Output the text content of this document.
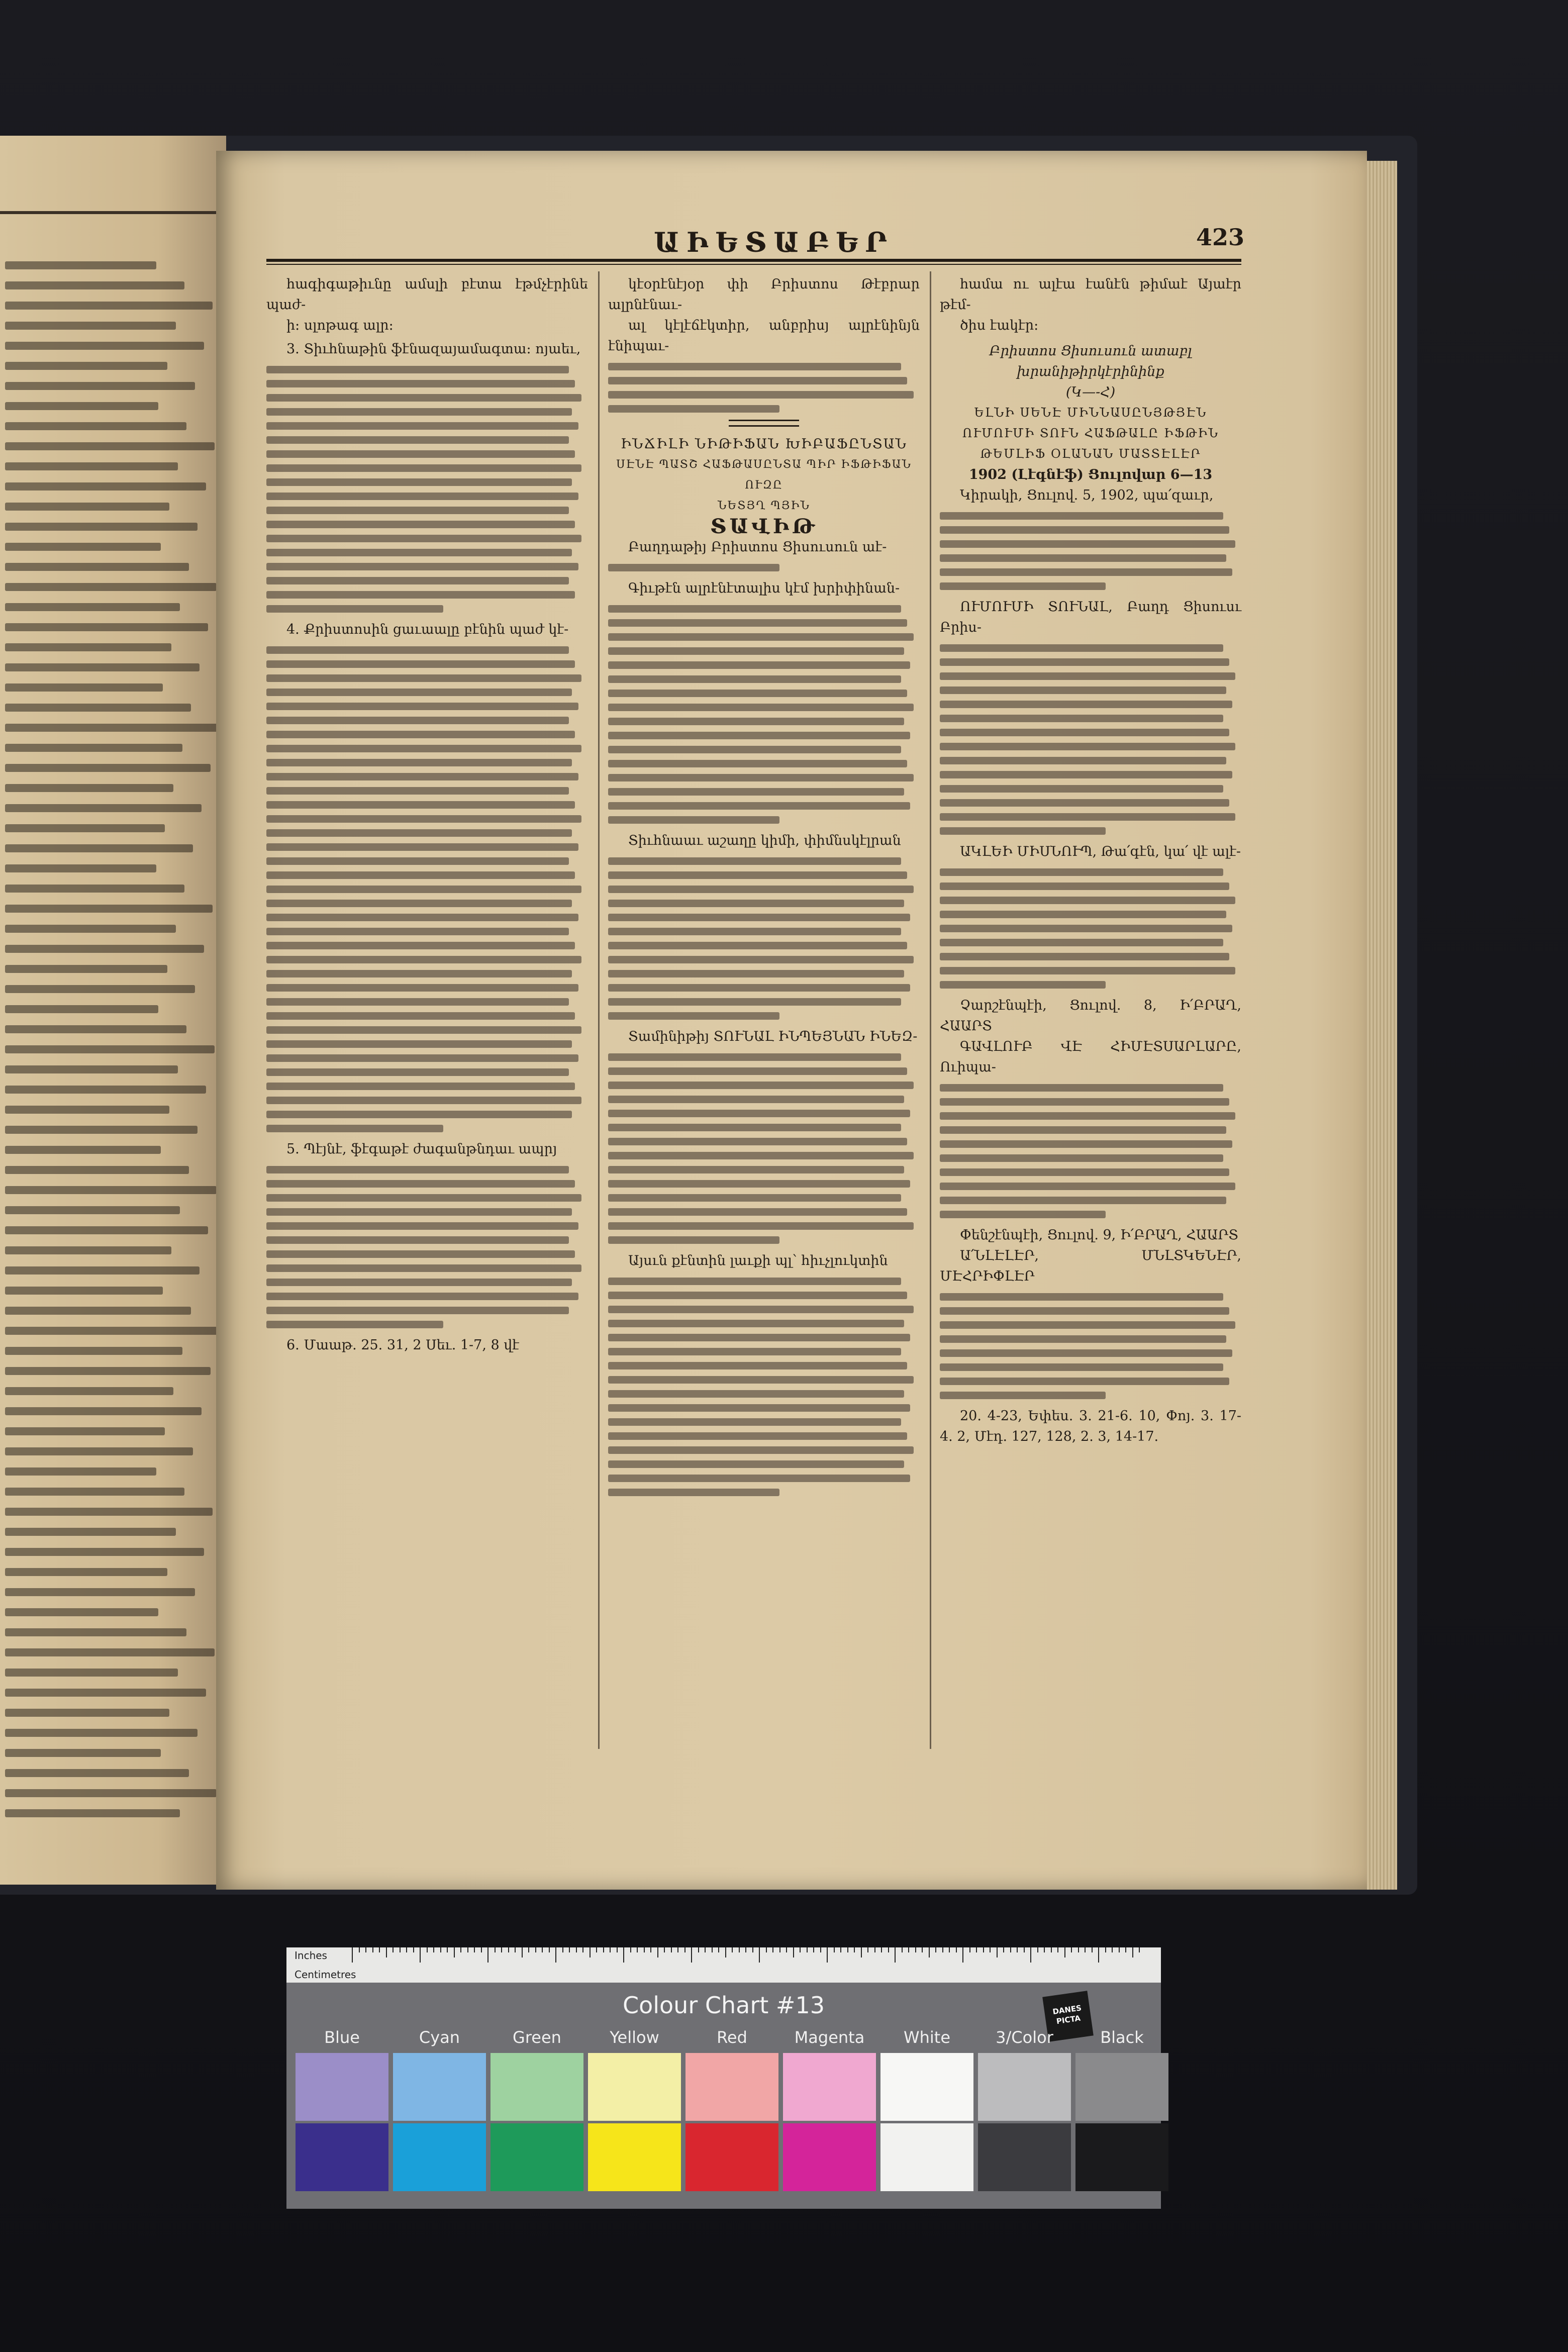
ԱԻԵՏԱԲԵՐ	423

հագիգաթիւնը ամսլի բէտա էթմչէրինե պաժ-

ի։ սլոթագ ալր։

3. Տիւհնաթին ֆէնազայամագտա։ ոյաեւ,

4. Քրիստոսին ցաւաալը բէնին պաժ կէ-

5. Պէյնէ, ֆէգաթէ ժագանթնդաւ ապրյ

6. Մաաթ. 25. 31, 2 Սեւ. 1-7, 8 վէ

կէօրէնէյօր փի Բրիստոս Թէբրար ալրնէնաւ-

ալ կէլէճէկտիր, անբրիսյ ալրէնինյն էնիպաւ-

ԻՆՃԻԼԻ ՆԻԹԻՖԱՆ ԽԻԲԱՖԸՆՏԱՆ

ՍԷՆԷ ՊԱՏՇ ՀԱՖԹԱՍԸՆՏԱ ՊԻՐ ԻՖԹԻՖԱՆ ՈՒԶԸ

ՆԵՏՅՂ ՊՅԻՆ

ՏԱՎԻԹ

Բաղդաթիյ Բրիստոս Ցիսուսուն աէ-

Գիւթէն ալրէնէտալիս կէմ խրիփինան-

Տիւհնաաւ աշաղը կիմի, փիմնսկէլրան

Տամինիթիյ ՏՈՒՆԱԼ ԻՆՊԵՅՆԱՆ ԻՆԵԶ-

Այսւն քէնտին լաւքի պլ՝ հիւչլուկտին

համա ու ալէա էանէն թիմաէ Այաէր թէմ-

ծիս էակէր։

Բրիստոս Ցիսուսուն ատաբլ

խրանիթիրկէրինինք

(Կ—-Հ)

ԵԼՆԻ ՍԵՆԷ ՄԻՆՆԱՍԸՆՅԹՅԷՆ

ՈՒՄՈՒՄԻ ՏՈՒՆ ՀԱՖԹԱԼԸ ԻՖԹԻՆ

ԹԵՄԼԻՖ ՕԼԱՆԱՆ ՄԱՏՏԷԼԷՐ

1902 (Լէգնէֆ) Ցուլովար 6—13

Կիրակի, Ցուլով. 5, 1902, պա՛զաւր,

ՈՒՄՈՒՄԻ ՏՈՒՆԱԼ, Բաղդ Ցիսուսւ Բրիս-

ԱԿԼԵԻ ՄԻՍՆՈՒՊ, Թա՛գէն, կա՛ վէ ալէ-

Չարշէնպէի, Ցուլով. 8, Ի՛ԲՐԱՂ, ՀԱԱՐՏ

ԳԱՎԼՈՒԲ ՎԷ ՀԻՄԷՏՍԱՐԼԱՐԸ, Ուիպա-

Փենշէնպէի, Ցուլով. 9, Ի՛ԲՐԱՂ, ՀԱԱՐՏ

Ա՛ՆԼԷԼԷՐ, ՄՆԼՏԿԵՆԷՐ, ՄԷՀՐԻՓԼԷՐ

20. 4-23, Եփես. 3. 21-6. 10, Փոյ. 3. 17-4. 2, Մէդ. 127, 128, 2. 3, 14-17.

Inches
Centimetres
Colour Chart #13	DANES PICTA
Blue	Cyan	Green	Yellow	Red	Magenta	White	3/Color	Black
